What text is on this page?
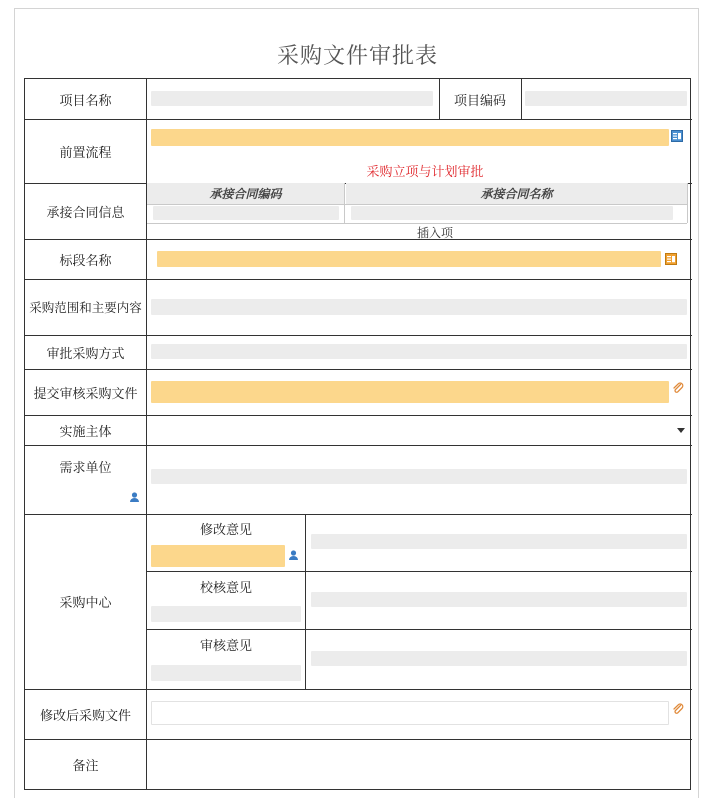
采购文件审批表
项目名称	项目编码
前置流程
采购立项与计划审批
承接合同信息
承接合同编码	承接合同名称
插入项
标段名称
采购范围和主要内容
审批采购方式
提交审核采购文件
实施主体
需求单位
采购中心
修改意见
校核意见
审核意见
修改后采购文件
备注
